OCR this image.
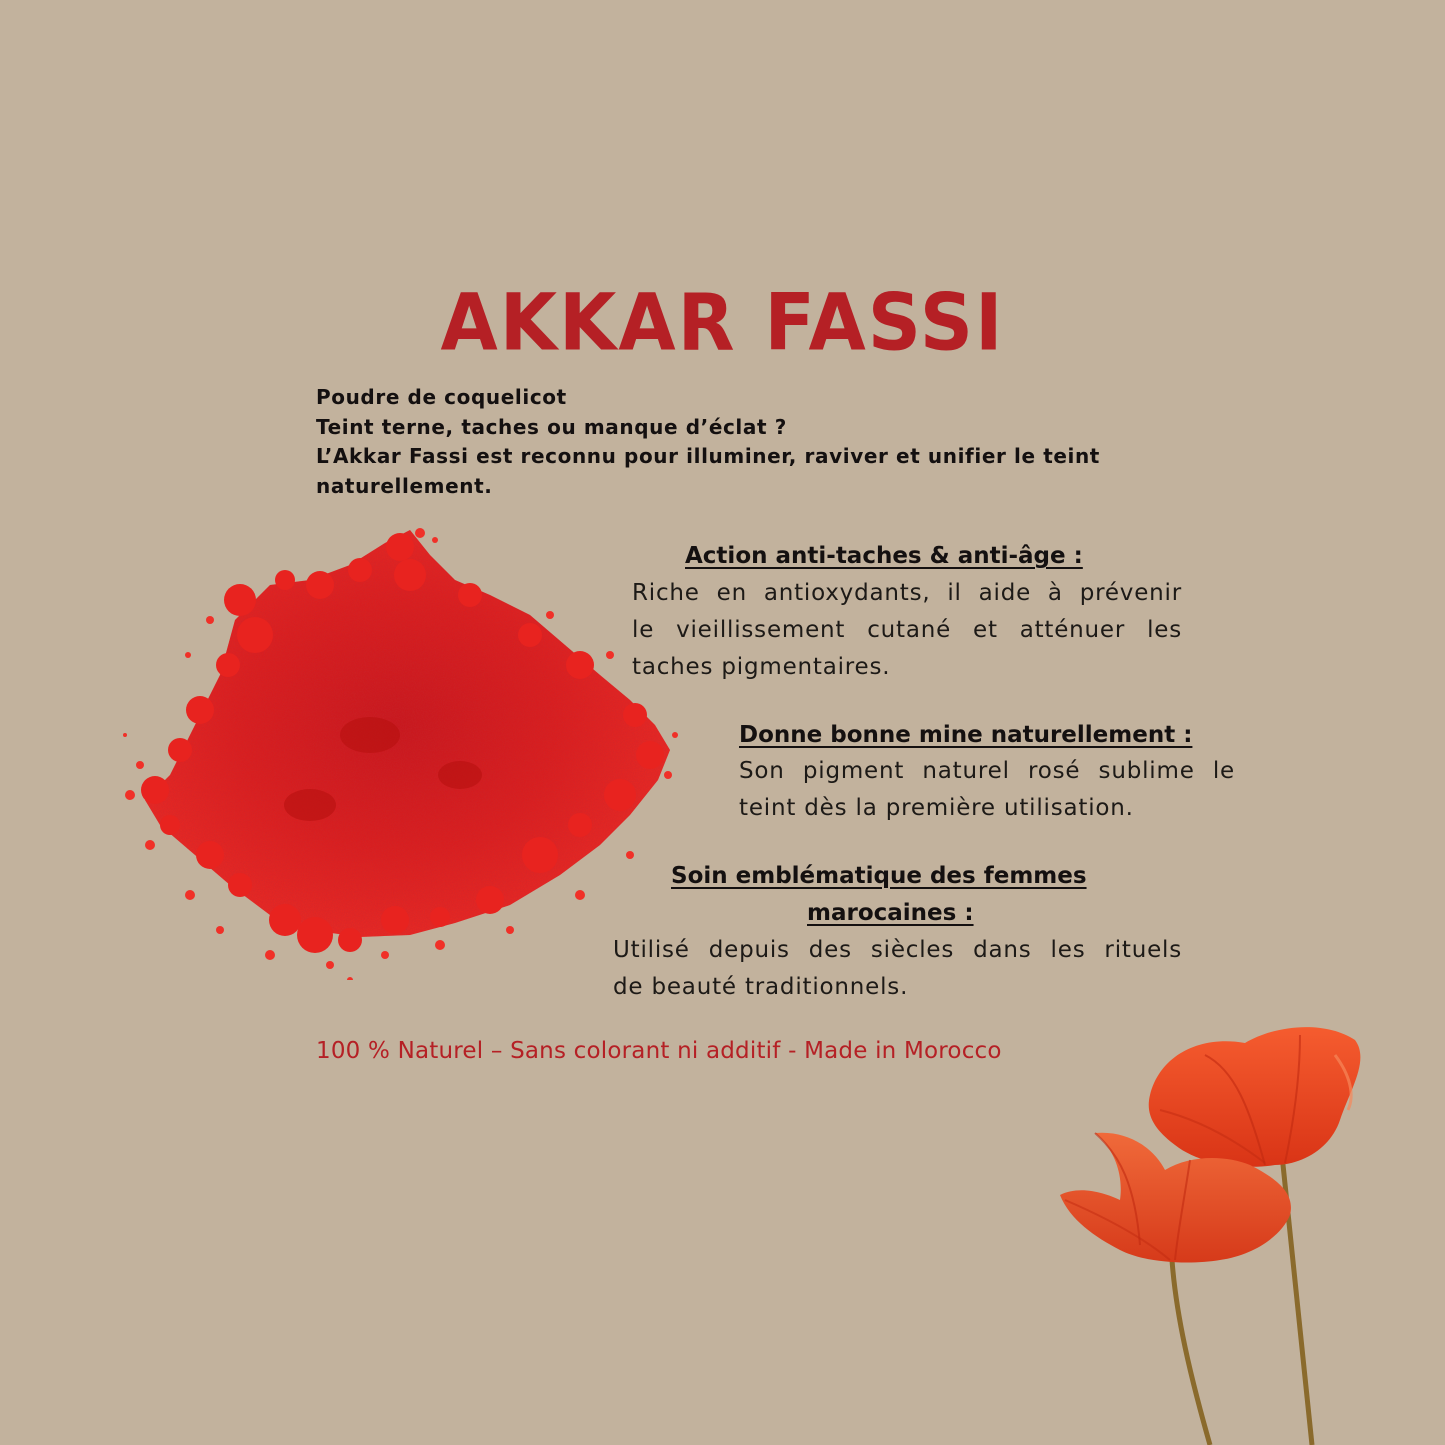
AKKAR FASSI
Poudre de coquelicot
Teint terne, taches ou manque d’éclat ?
L’Akkar Fassi est reconnu pour illuminer, raviver et unifier le teint naturellement.
Action anti-taches & anti-âge :
Riche en antioxydants, il aide à prévenir
le vieillissement cutané et atténuer les
taches pigmentaires.
Donne bonne mine naturellement :
Son pigment naturel rosé sublime le
teint dès la première utilisation.
Soin emblématique des femmes
marocaines :
Utilisé depuis des siècles dans les rituels
de beauté traditionnels.
100 % Naturel – Sans colorant ni additif - Made in Morocco
